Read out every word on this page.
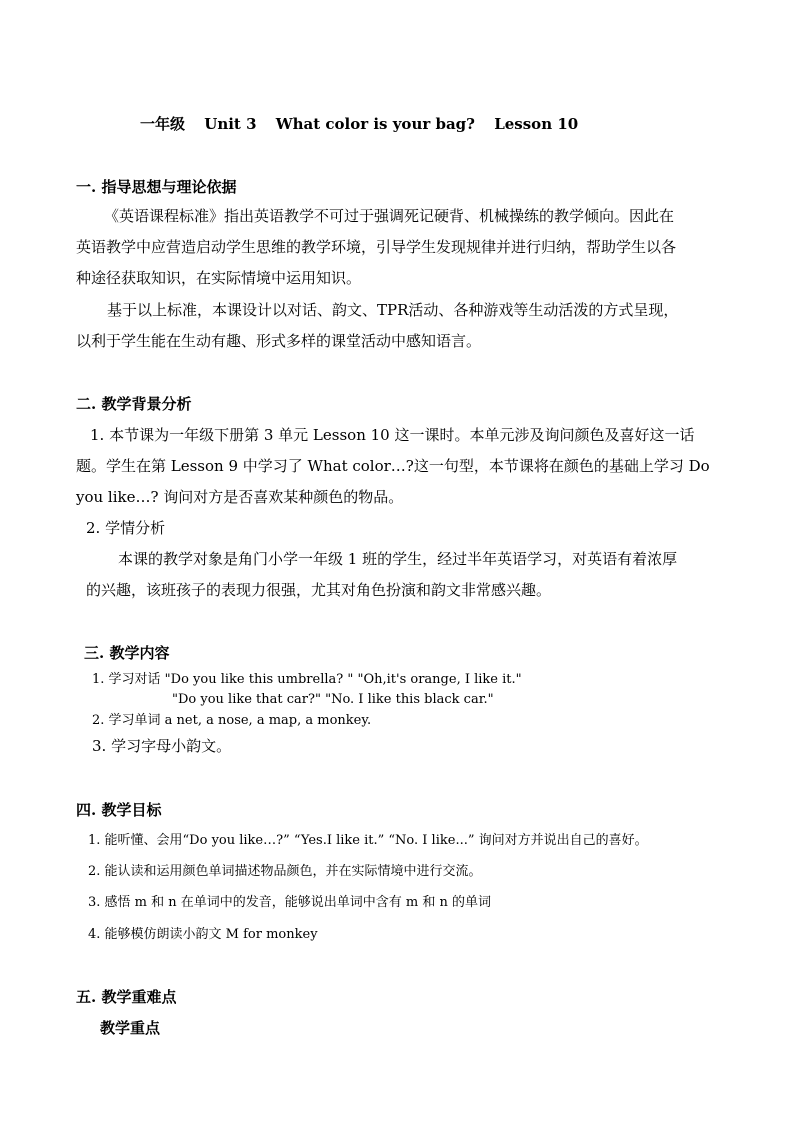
一年级 Unit 3 What color is your bag? Lesson 10
一. 指导思想与理论依据
《英语课程标准》指出英语教学不可过于强调死记硬背、机械操练的教学倾向。因此在
英语教学中应营造启动学生思维的教学环境，引导学生发现规律并进行归纳，帮助学生以各
种途径获取知识，在实际情境中运用知识。
基于以上标准，本课设计以对话、韵文、TPR活动、各种游戏等生动活泼的方式呈现，
以利于学生能在生动有趣、形式多样的课堂活动中感知语言。
二. 教学背景分析
1. 本节课为一年级下册第 3 单元 Lesson 10 这一课时。本单元涉及询问颜色及喜好这一话
题。学生在第 Lesson 9 中学习了 What color…?这一句型，本节课将在颜色的基础上学习 Do
you like…? 询问对方是否喜欢某种颜色的物品。
2. 学情分析
本课的教学对象是角门小学一年级 1 班的学生，经过半年英语学习，对英语有着浓厚
的兴趣，该班孩子的表现力很强，尤其对角色扮演和韵文非常感兴趣。
三. 教学内容
1. 学习对话 "Do you like this umbrella? " "Oh,it's orange, I like it."
"Do you like that car?" "No. I like this black car."
2. 学习单词 a net, a nose, a map, a monkey.
3. 学习字母小韵文。
四. 教学目标
1. 能听懂、会用“Do you like…?” “Yes.I like it.” “No. I like...” 询问对方并说出自己的喜好。
2. 能认读和运用颜色单词描述物品颜色，并在实际情境中进行交流。
3. 感悟 m 和 n 在单词中的发音，能够说出单词中含有 m 和 n 的单词
4. 能够模仿朗读小韵文 M for monkey
五. 教学重难点
教学重点
